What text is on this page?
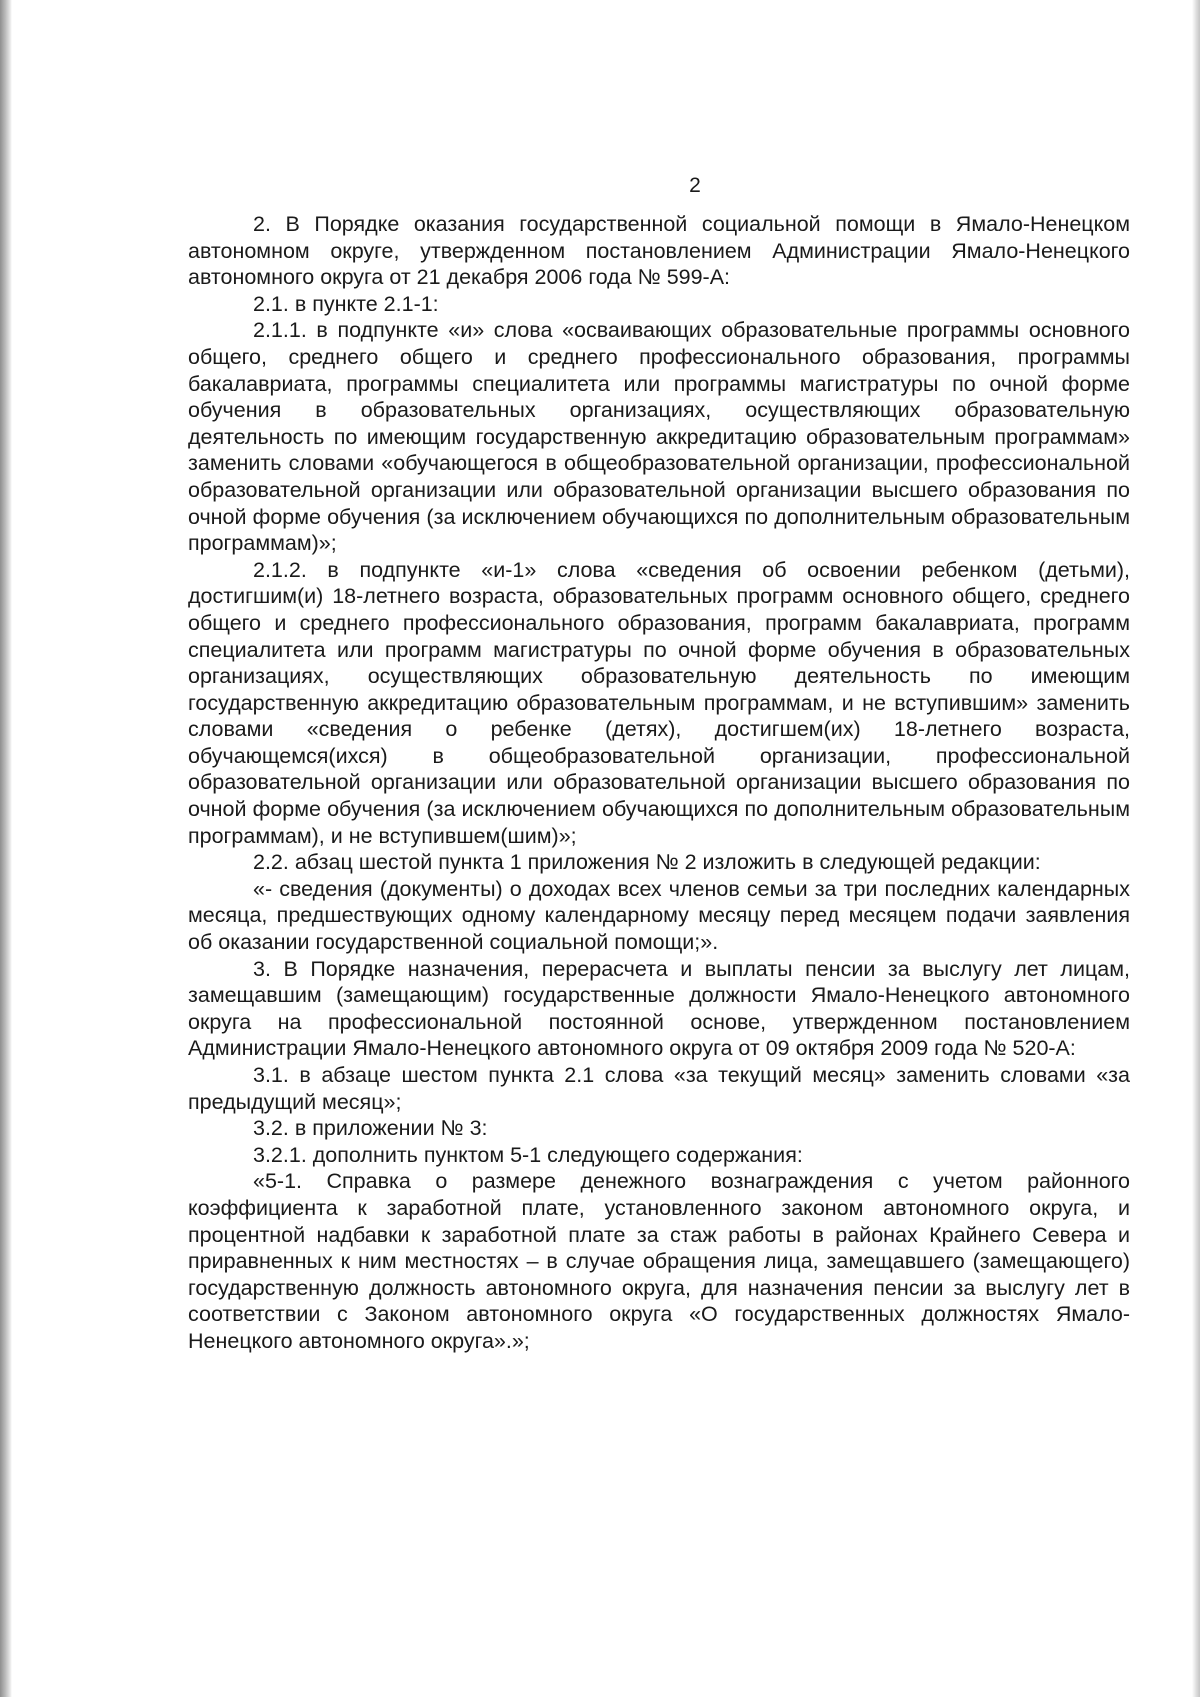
2

2. В Порядке оказания государственной социальной помощи в Ямало-Ненецком автономном округе, утвержденном постановлением Администрации Ямало-Ненецкого автономного округа от 21 декабря 2006 года № 599-А:

2.1. в пункте 2.1-1:

2.1.1. в подпункте «и» слова «осваивающих образовательные программы основного общего, среднего общего и среднего профессионального образования, программы бакалавриата, программы специалитета или программы магистратуры по очной форме обучения в образовательных организациях, осуществляющих образовательную деятельность по имеющим государственную аккредитацию образовательным программам» заменить словами «обучающегося в общеобразовательной организации, профессиональной образовательной организации или образовательной организации высшего образования по очной форме обучения (за исключением обучающихся по дополнительным образовательным программам)»;

2.1.2. в подпункте «и-1» слова «сведения об освоении ребенком (детьми), достигшим(и) 18-летнего возраста, образовательных программ основного общего, среднего общего и среднего профессионального образования, программ бакалавриата, программ специалитета или программ магистратуры по очной форме обучения в образовательных организациях, осуществляющих образовательную деятельность по имеющим государственную аккредитацию образовательным программам, и не вступившим» заменить словами «сведения о ребенке (детях), достигшем(их) 18-летнего возраста, обучающемся(ихся) в общеобразовательной организации, профессиональной образовательной организации или образовательной организации высшего образования по очной форме обучения (за исключением обучающихся по дополнительным образовательным программам), и не вступившем(шим)»;

2.2. абзац шестой пункта 1 приложения № 2 изложить в следующей редакции:

«- сведения (документы) о доходах всех членов семьи за три последних календарных месяца, предшествующих одному календарному месяцу перед месяцем подачи заявления об оказании государственной социальной помощи;».

3. В Порядке назначения, перерасчета и выплаты пенсии за выслугу лет лицам, замещавшим (замещающим) государственные должности Ямало-Ненецкого автономного округа на профессиональной постоянной основе, утвержденном постановлением Администрации Ямало-Ненецкого автономного округа от 09 октября 2009 года № 520-А:

3.1. в абзаце шестом пункта 2.1 слова «за текущий месяц» заменить словами «за предыдущий месяц»;

3.2. в приложении № 3:

3.2.1. дополнить пунктом 5-1 следующего содержания:

«5-1. Справка о размере денежного вознаграждения с учетом районного коэффициента к заработной плате, установленного законом автономного округа, и процентной надбавки к заработной плате за стаж работы в районах Крайнего Севера и приравненных к ним местностях – в случае обращения лица, замещавшего (замещающего) государственную должность автономного округа, для назначения пенсии за выслугу лет в соответствии с Законом автономного округа «О государственных должностях Ямало-Ненецкого автономного округа».»;
